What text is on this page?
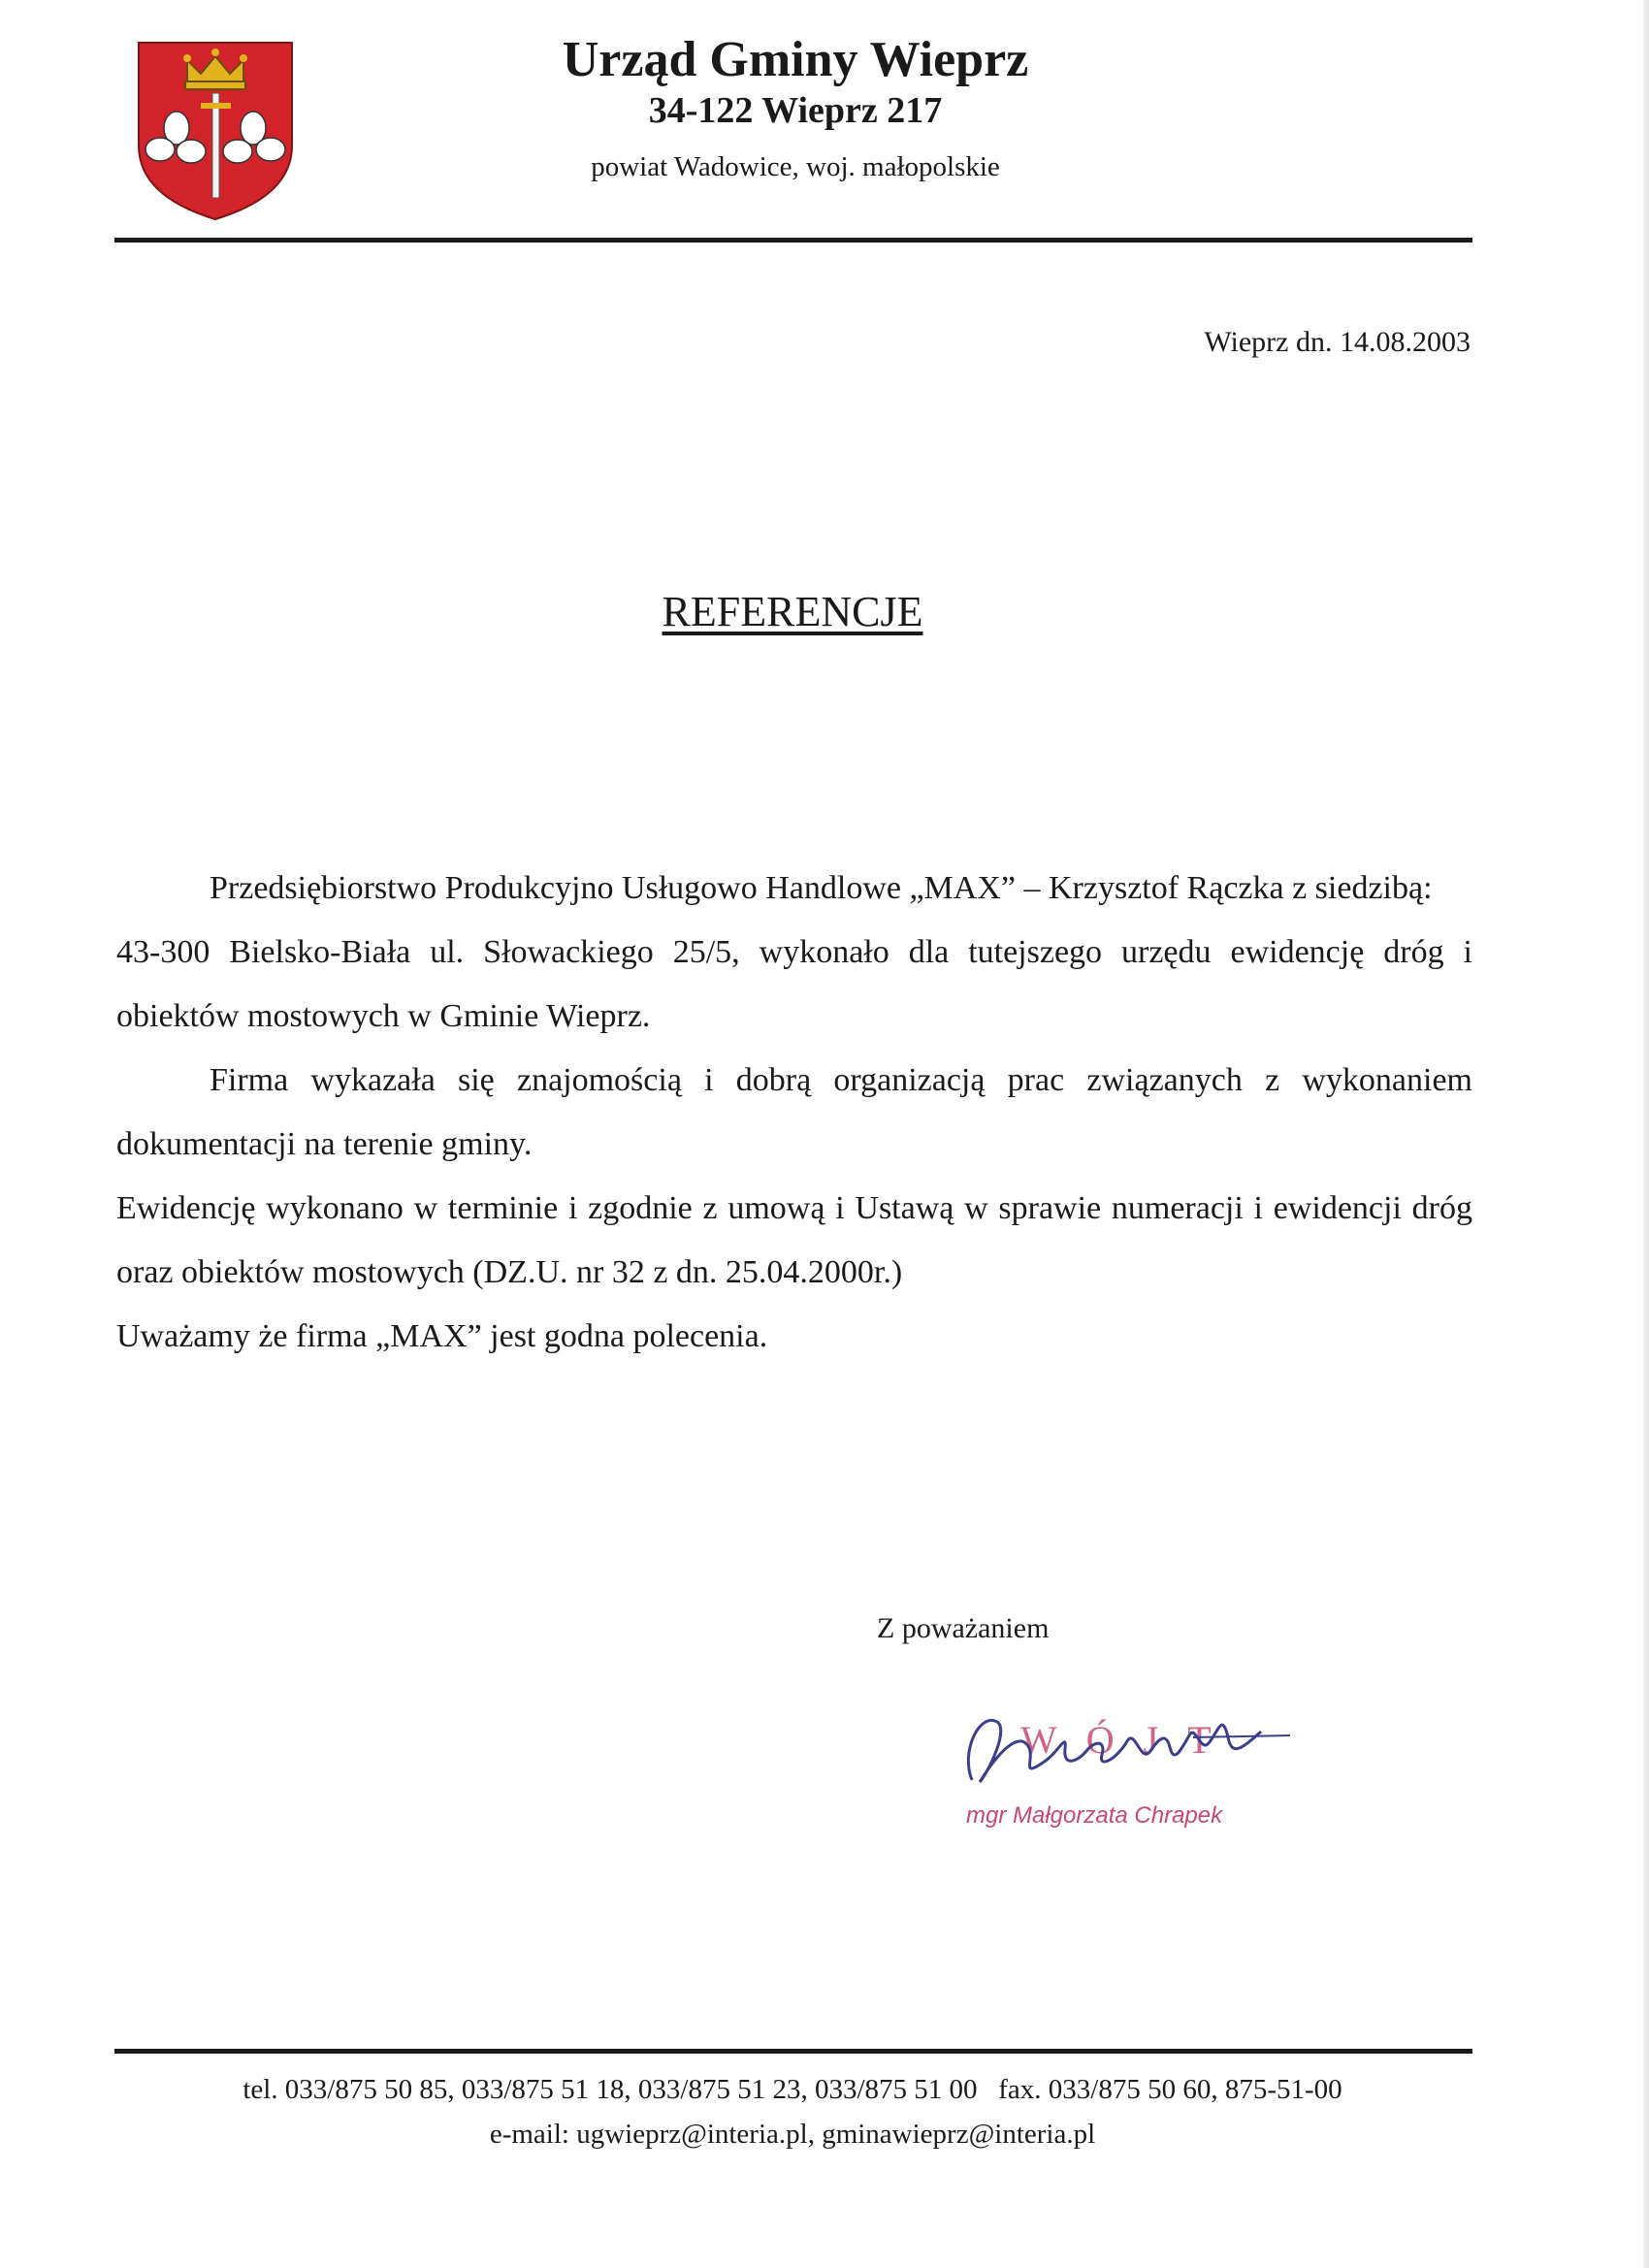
Urząd Gminy Wieprz
34-122 Wieprz 217
powiat Wadowice, woj. małopolskie
Wieprz dn. 14.08.2003
REFERENCJE

Przedsiębiorstwo Produkcyjno Usługowo Handlowe „MAX” – Krzysztof Rączka z siedzibą:

43-300 Bielsko-Biała ul. Słowackiego 25/5, wykonało dla tutejszego urzędu ewidencję dróg i obiektów mostowych w Gminie Wieprz.

Firma wykazała się znajomością i dobrą organizacją prac związanych z wykonaniem dokumentacji na terenie gminy.

Ewidencję wykonano w terminie i zgodnie z umową i Ustawą w sprawie numeracji i ewidencji dróg oraz obiektów mostowych (DZ.U. nr 32 z dn. 25.04.2000r.)

Uważamy że firma „MAX” jest godna polecenia.

Z poważaniem
WÓJT
mgr Małgorzata Chrapek
tel. 033/875 50 85, 033/875 51 18, 033/875 51 23, 033/875 51 00   fax. 033/875 50 60, 875-51-00
e-mail: ugwieprz@interia.pl, gminawieprz@interia.pl
